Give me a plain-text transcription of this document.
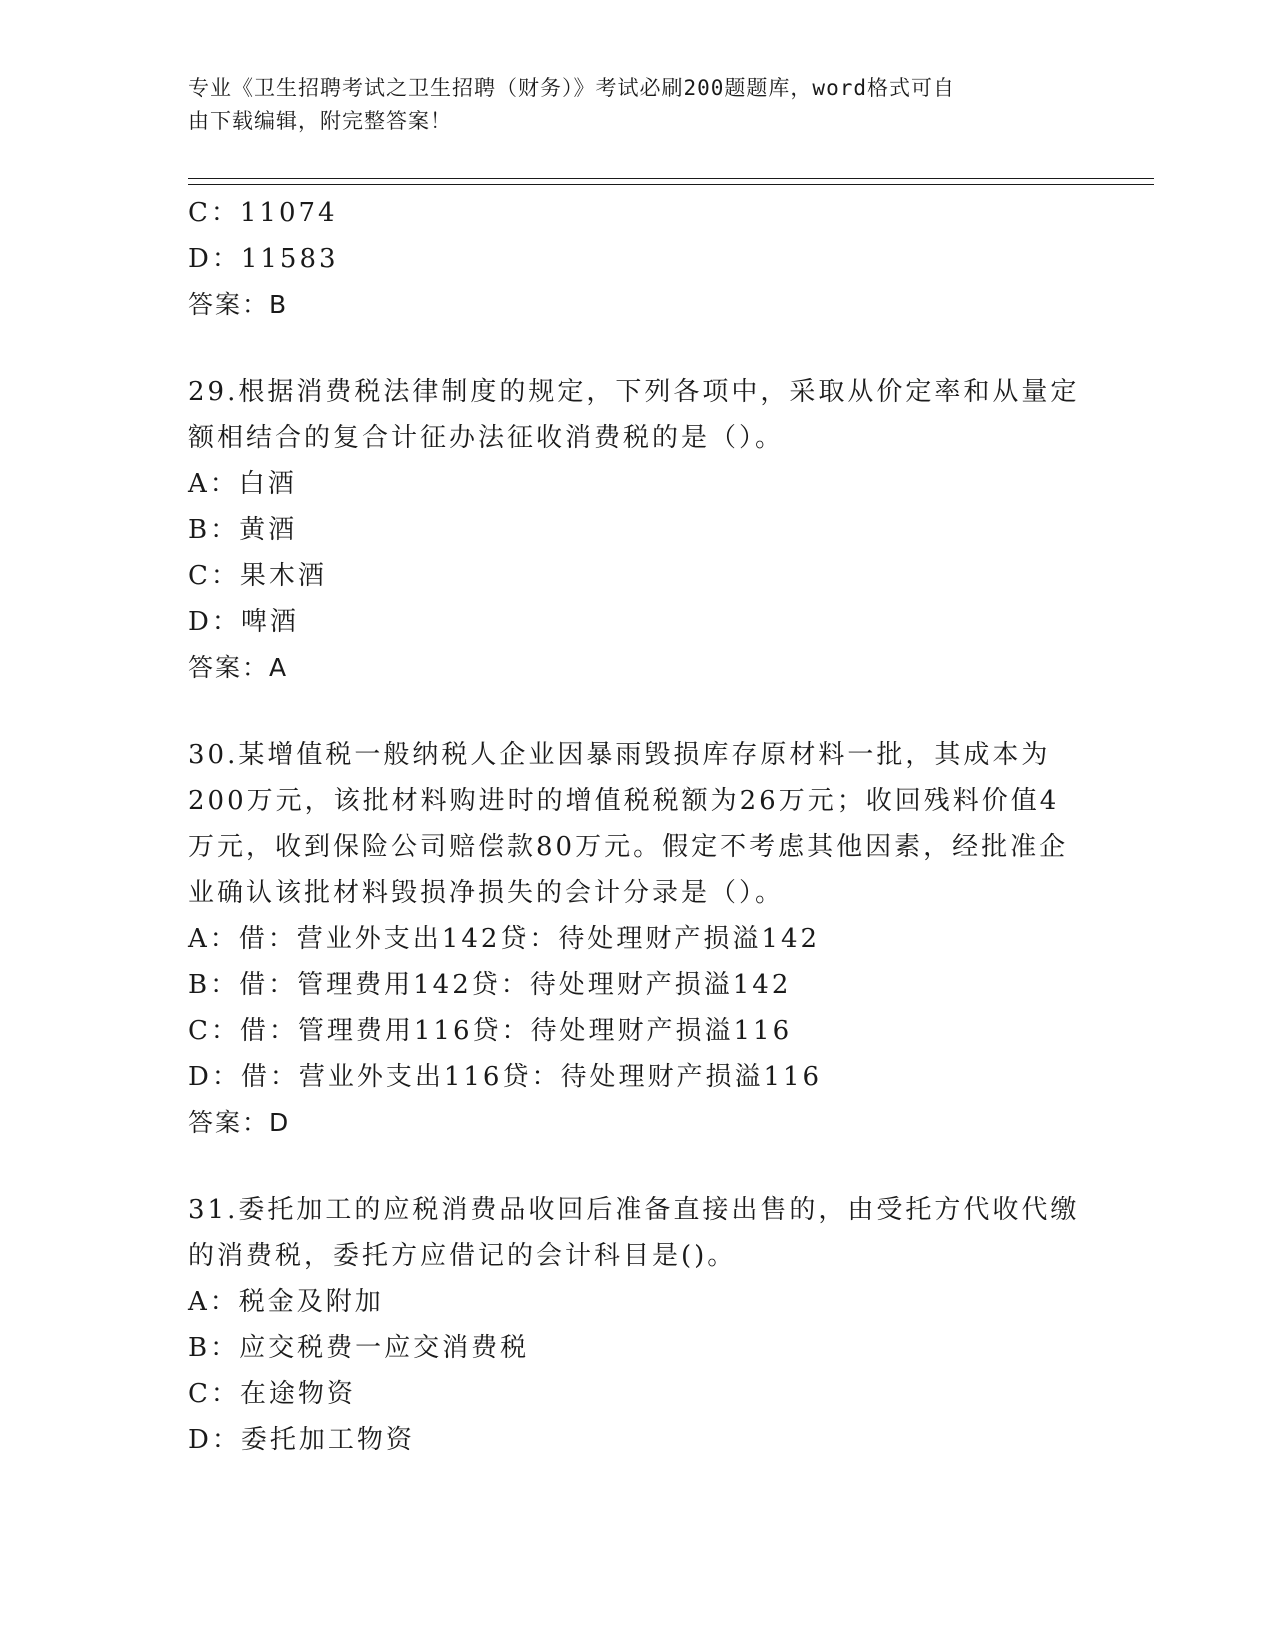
专业《卫生招聘考试之卫生招聘（财务）》考试必刷200题题库，word格式可自
由下载编辑，附完整答案！
C：11074
D：11583
答案：B
29.根据消费税法律制度的规定，下列各项中，采取从价定率和从量定
额相结合的复合计征办法征收消费税的是（）。
A：白酒
B：黄酒
C：果木酒
D：啤酒
答案：A
30.某增值税一般纳税人企业因暴雨毁损库存原材料一批，其成本为
200万元，该批材料购进时的增值税税额为26万元；收回残料价值4
万元，收到保险公司赔偿款80万元。假定不考虑其他因素，经批准企
业确认该批材料毁损净损失的会计分录是（）。
A：借：营业外支出142贷：待处理财产损溢142
B：借：管理费用142贷：待处理财产损溢142
C：借：管理费用116贷：待处理财产损溢116
D：借：营业外支出116贷：待处理财产损溢116
答案：D
31.委托加工的应税消费品收回后准备直接出售的，由受托方代收代缴
的消费税，委托方应借记的会计科目是()。
A：税金及附加
B：应交税费一应交消费税
C：在途物资
D：委托加工物资
